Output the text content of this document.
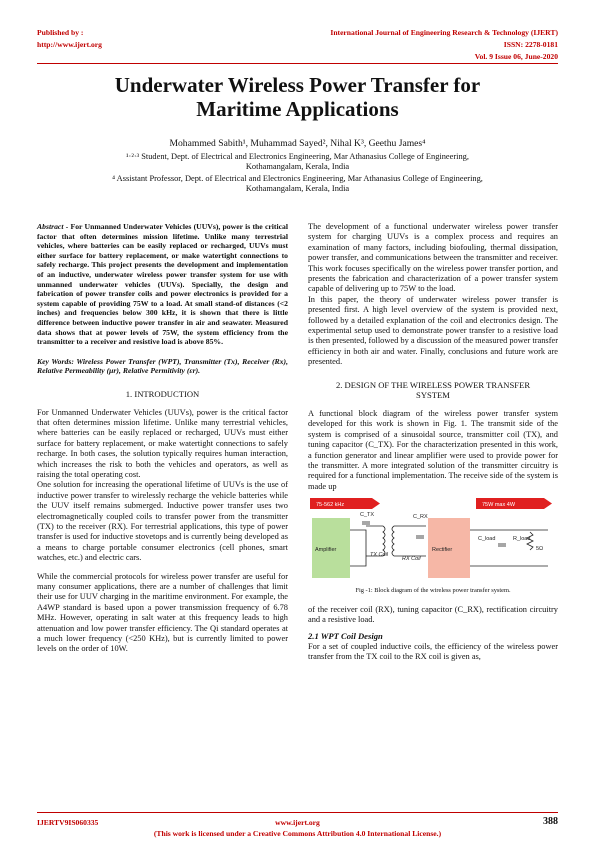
Published by :
http://www.ijert.org
International Journal of Engineering Research & Technology (IJERT)
ISSN: 2278-0181
Vol. 9 Issue 06, June-2020
Underwater Wireless Power Transfer for
Maritime Applications
Mohammed Sabith¹, Muhammad Sayed², Nihal K³, Geethu James⁴

¹·²·³ Student, Dept. of Electrical and Electronics Engineering, Mar Athanasius College of Engineering,

Kothamangalam, Kerala, India

⁴ Assistant Professor, Dept. of Electrical and Electronics Engineering, Mar Athanasius College of Engineering,

Kothamangalam, Kerala, India

Abstract - For Unmanned Underwater Vehicles (UUVs), power is the critical factor that often determines mission lifetime. Unlike many terrestrial vehicles, where batteries can be easily replaced or recharged, UUVs must either surface for battery replacement, or make watertight connections to safely recharge. This project presents the development and implementation of an inductive, underwater wireless power transfer system for use with unmanned underwater vehicles (UUVs). Specially, the design and fabrication of power transfer coils and power electronics is provided for a system capable of providing 75W to a load. At small stand-of distances (<2 inches) and frequencies below 300 kHz, it is shown that there is little difference between inductive power transfer in air and seawater. Measured data shows that at power levels of 75W, the system efficiency from the transmitter to a receiver and resistive load is above 85%.

Key Words: Wireless Power Transfer (WPT), Transmitter (Tx), Receiver (Rx), Relative Permeability (μr), Relative Permitivity (εr).

1. INTRODUCTION

For Unmanned Underwater Vehicles (UUVs), power is the critical factor that often determines mission lifetime. Unlike many terrestrial vehicles, where batteries can be easily replaced or recharged, UUVs must either surface for battery replacement, or make watertight connections to safely recharge. In both cases, the solution typically requires human interaction, which increases the risk to both the vehicles and operators, as well as raising the total operating cost.

One solution for increasing the operational lifetime of UUVs is the use of inductive power transfer to wirelessly recharge the vehicle batteries while the UUV itself remains submerged. Inductive power transfer uses two electromagnetically coupled coils to transfer power from the transmitter (TX) to the receiver (RX). For terrestrial applications, this type of power transfer is used for inductive stovetops and is currently being developed as a means to charge portable consumer electronics (cell phones, smart watches, etc.) and electric cars.

While the commercial protocols for wireless power transfer are useful for many consumer applications, there are a number of challenges that limit their use for UUV charging in the maritime environment. For example, the A4WP standard is based upon a power transmission frequency of 6.78 MHz. However, operating in salt water at this frequency leads to high attenuation and low power transfer efficiency. The Qi standard operates at a much lower frequency (<250 KHz), but is currently limited to power levels on the order of 10W.

The development of a functional underwater wireless power transfer system for charging UUVs is a complex process and requires an examination of many factors, including biofouling, thermal dissipation, power transfer, and communications between the transmitter and receiver. This work focuses specifically on the wireless power transfer portion, and presents the fabrication and characterization of a power transfer system capable of delivering up to 75W to the load.

In this paper, the theory of underwater wireless power transfer is presented first. A high level overview of the system is provided next, followed by a detailed explanation of the coil and electronics design. The experimental setup used to demonstrate power transfer to a resistive load is then presented, followed by a discussion of the measured power transfer efficiency in both air and water. Finally, conclusions and future work are presented.

2. DESIGN OF THE WIRELESS POWER TRANSFER

SYSTEM

A functional block diagram of the wireless power transfer system developed for this work is shown in Fig. 1. The transmit side of the system is comprised of a sinusoidal source, transmitter coil (TX), and tuning capacitor (C_TX). For the characterization presented in this work, a function generator and linear amplifier were used to provide power for the transmitter. A more integrated solution of the transmitter circuitry is required for a functional implementation. The receive side of the system is made up

75-562 kHz	75W max 4W
Amplifier
C_TX
TX Coil
C_RX
RX Coil
Rectifier
C_load	R_load
5Ω

Fig -1: Block diagram of the wireless power transfer system.

of the receiver coil (RX), tuning capacitor (C_RX), rectification circuitry and a resistive load.

2.1 WPT Coil Design

For a set of coupled inductive coils, the efficiency of the wireless power transfer from the TX coil to the RX coil is given as,

IJERTV9IS060335	www.ijert.org	388
(This work is licensed under a Creative Commons Attribution 4.0 International License.)
